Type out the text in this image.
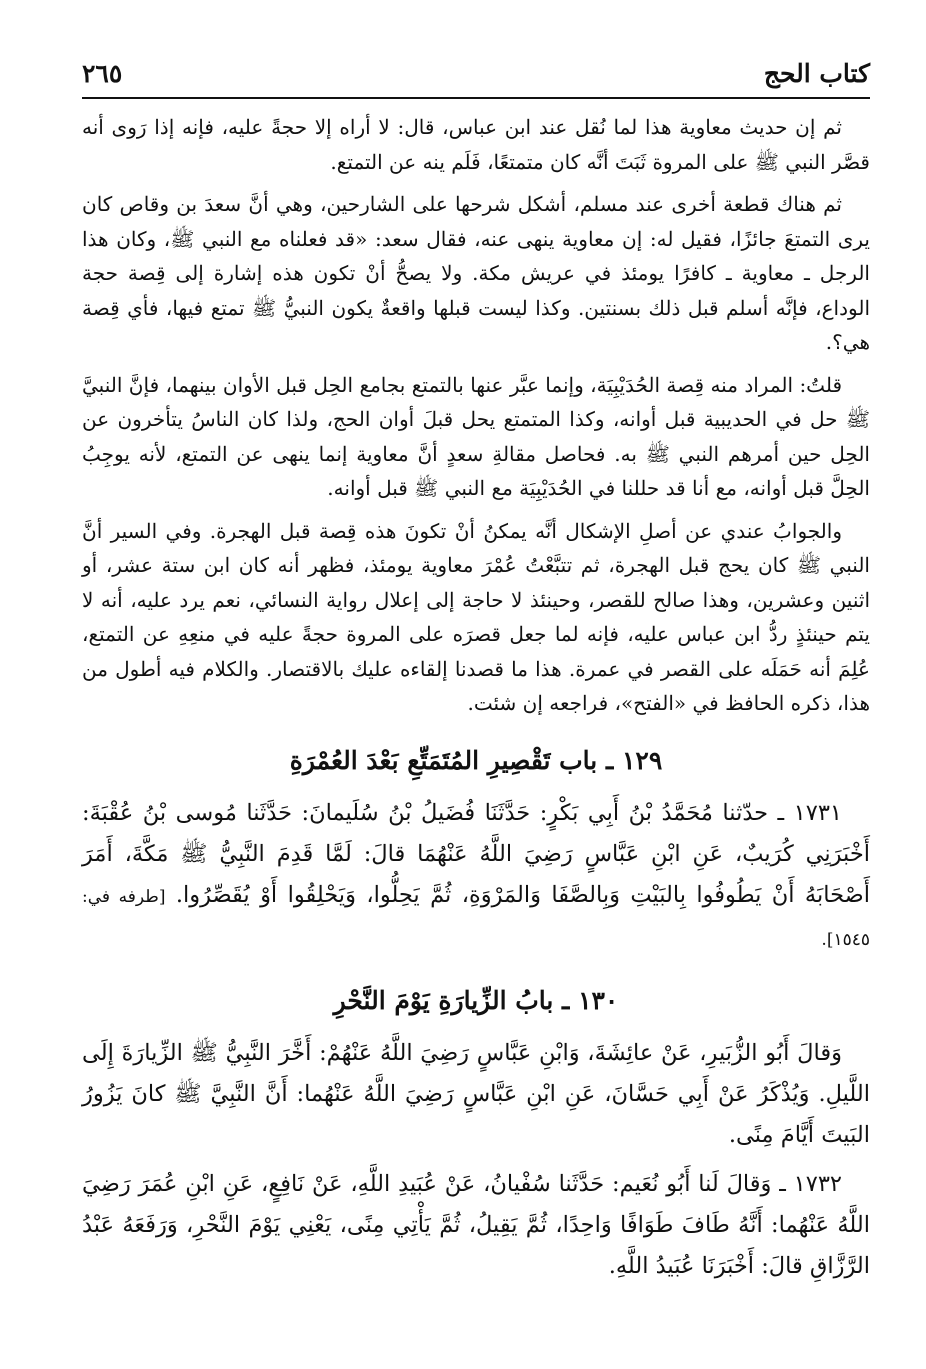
كتاب الحج
٢٦٥

ثم إن حديث معاوية هذا لما نُقل عند ابن عباس، قال: لا أراه إلا حجةً عليه، فإنه إذا رَوى أنه قصَّر النبي ﷺ على المروة ثَبَتَ أنَّه كان متمتعًا، فَلَم ينه عن التمتع.

ثم هناك قطعة أخرى عند مسلم، أشكل شرحها على الشارحين، وهي أنَّ سعدَ بن وقاص كان يرى التمتعَ جائزًا، فقيل له: إن معاوية ينهى عنه، فقال سعد: «قد فعلناه مع النبي ﷺ، وكان هذا الرجل ـ معاوية ـ كافرًا يومئذ في عريش مكة. ولا يصحُّ أنْ تكون هذه إشارة إلى قِصة حجة الوداع، فإنَّه أسلم قبل ذلك بسنتين. وكذا ليست قبلها واقعةٌ يكون النبيُّ ﷺ تمتع فيها، فأي قِصة هي؟.

قلتُ: المراد منه قِصة الحُدَيْبِيَة، وإنما عبَّر عنها بالتمتع بجامع الحِل قبل الأوان بينهما، فإنَّ النبيَّ ﷺ حل في الحديبية قبل أوانه، وكذا المتمتع يحل قبلَ أوان الحج، ولذا كان الناسُ يتأخرون عن الحِل حين أمرهم النبي ﷺ به. فحاصل مقالةِ سعدٍ أنَّ معاوية إنما ينهى عن التمتع، لأنه يوجِبُ الحِلَّ قبل أوانه، مع أنا قد حللنا في الحُدَيْبِيَة مع النبي ﷺ قبل أوانه.

والجوابُ عندي عن أصلِ الإشكال أنَّه يمكنُ أنْ تكونَ هذه قِصة قبل الهجرة. وفي السير أنَّ النبي ﷺ كان يحج قبل الهجرة، ثم تتبَّعْتُ عُمْرَ معاوية يومئذ، فظهر أنه كان ابن ستة عشر، أو اثنين وعشرين، وهذا صالح للقصر، وحينئذ لا حاجة إلى إعلال رواية النسائي، نعم يرد عليه، أنه لا يتم حينئذٍ ردُّ ابن عباس عليه، فإنه لما جعل قصرَه على المروة حجةً عليه في منعِهِ عن التمتع، عُلِمَ أنه حَمَلَه على القصر في عمرة. هذا ما قصدنا إلقاءه عليك بالاقتصار. والكلام فيه أطول من هذا، ذكره الحافظ في «الفتح»، فراجعه إن شئت.

١٢٩ ـ باب تَقْصِيرِ المُتَمَتِّعِ بَعْدَ العُمْرَةِ

١٧٣١ ـ حدّثنا مُحَمَّدُ بْنُ أَبِي بَكْرٍ: حَدَّثَنَا فُضَيلُ بْنُ سُلَيمانَ: حَدَّثَنا مُوسى بْنُ عُقْبَةَ: أَخْبَرَنِي كُرَيبٌ، عَنِ ابْنِ عَبَّاسٍ رَضِيَ اللَّهُ عَنْهُمَا قالَ: لَمَّا قَدِمَ النَّبِيُّ ﷺ مَكَّةَ، أَمَرَ أَصْحَابَهُ أَنْ يَطُوفُوا بِالبَيْتِ وَبِالصَّفَا وَالمَرْوَةِ، ثُمَّ يَحِلُّوا، وَيَحْلِقُوا أَوْ يُقَصِّرُوا. [طرفه في: ١٥٤٥].

١٣٠ ـ بابُ الزِّيارَةِ يَوْمَ النَّحْرِ

وَقالَ أَبُو الزُّبَيرِ، عَنْ عائِشَةَ، وَابْنِ عَبَّاسٍ رَضِيَ اللَّهُ عَنْهُمْ: أَخَّرَ النَّبِيُّ ﷺ الزِّيارَةَ إِلَى اللَّيلِ. وَيُذْكَرُ عَنْ أَبِي حَسَّانَ، عَنِ ابْنِ عَبَّاسٍ رَضِيَ اللَّهُ عَنْهُما: أَنَّ النَّبِيَّ ﷺ كانَ يَزُورُ البَيتَ أَيَّامَ مِنًى.

١٧٣٢ ـ وَقالَ لَنا أَبُو نُعَيم: حَدَّثَنا سُفْيانُ، عَنْ عُبَيدِ اللَّهِ، عَنْ نَافِعٍ، عَنِ ابْنِ عُمَرَ رَضِيَ اللَّهُ عَنْهُما: أَنَّهُ طَافَ طَوَافًا وَاحِدًا، ثُمَّ يَقِيلُ، ثُمَّ يَأْتِي مِنًى، يَعْنِي يَوْمَ النَّحْرِ، وَرَفَعَهُ عَبْدُ الرَّزَّاقِ قالَ: أَخْبَرَنَا عُبَيدُ اللَّهِ.
